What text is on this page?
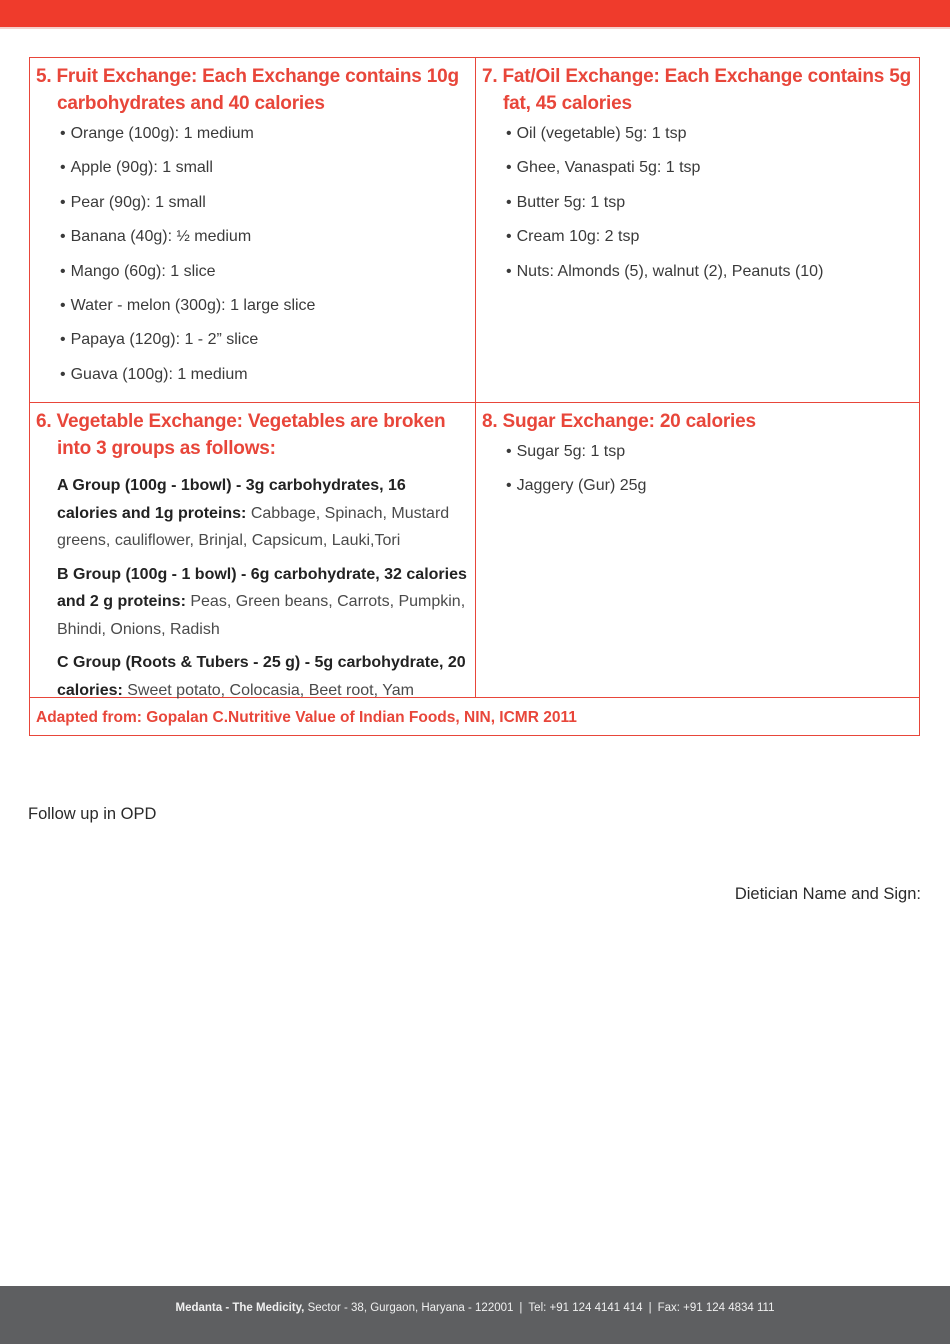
5. Fruit Exchange: Each Exchange contains 10g carbohydrates and 40 calories
• Orange (100g): 1 medium
• Apple (90g): 1 small
• Pear (90g): 1 small
• Banana (40g): ½ medium
• Mango (60g): 1 slice
• Water - melon (300g): 1 large slice
• Papaya (120g): 1 - 2” slice
• Guava (100g): 1 medium
7. Fat/Oil Exchange: Each Exchange contains 5g fat, 45 calories
• Oil (vegetable) 5g: 1 tsp
• Ghee, Vanaspati 5g: 1 tsp
• Butter 5g: 1 tsp
• Cream 10g: 2 tsp
• Nuts: Almonds (5), walnut (2), Peanuts (10)
6. Vegetable Exchange: Vegetables are broken into 3 groups as follows:
A Group (100g - 1bowl) - 3g carbohydrates, 16 calories and 1g proteins: Cabbage, Spinach, Mustard greens, cauliflower, Brinjal, Capsicum, Lauki,Tori
B Group (100g - 1 bowl) - 6g carbohydrate, 32 calories and 2 g proteins: Peas, Green beans, Carrots, Pumpkin, Bhindi, Onions, Radish
C Group (Roots & Tubers - 25 g) - 5g carbohydrate, 20 calories: Sweet potato, Colocasia, Beet root, Yam
8. Sugar Exchange: 20 calories
• Sugar 5g: 1 tsp
• Jaggery (Gur) 25g
Adapted from: Gopalan C.Nutritive Value of Indian Foods, NIN, ICMR 2011
Follow up in OPD
Dietician Name and Sign:
Medanta - The Medicity, Sector - 38, Gurgaon, Haryana - 122001 | Tel: +91 124 4141 414 | Fax: +91 124 4834 111
